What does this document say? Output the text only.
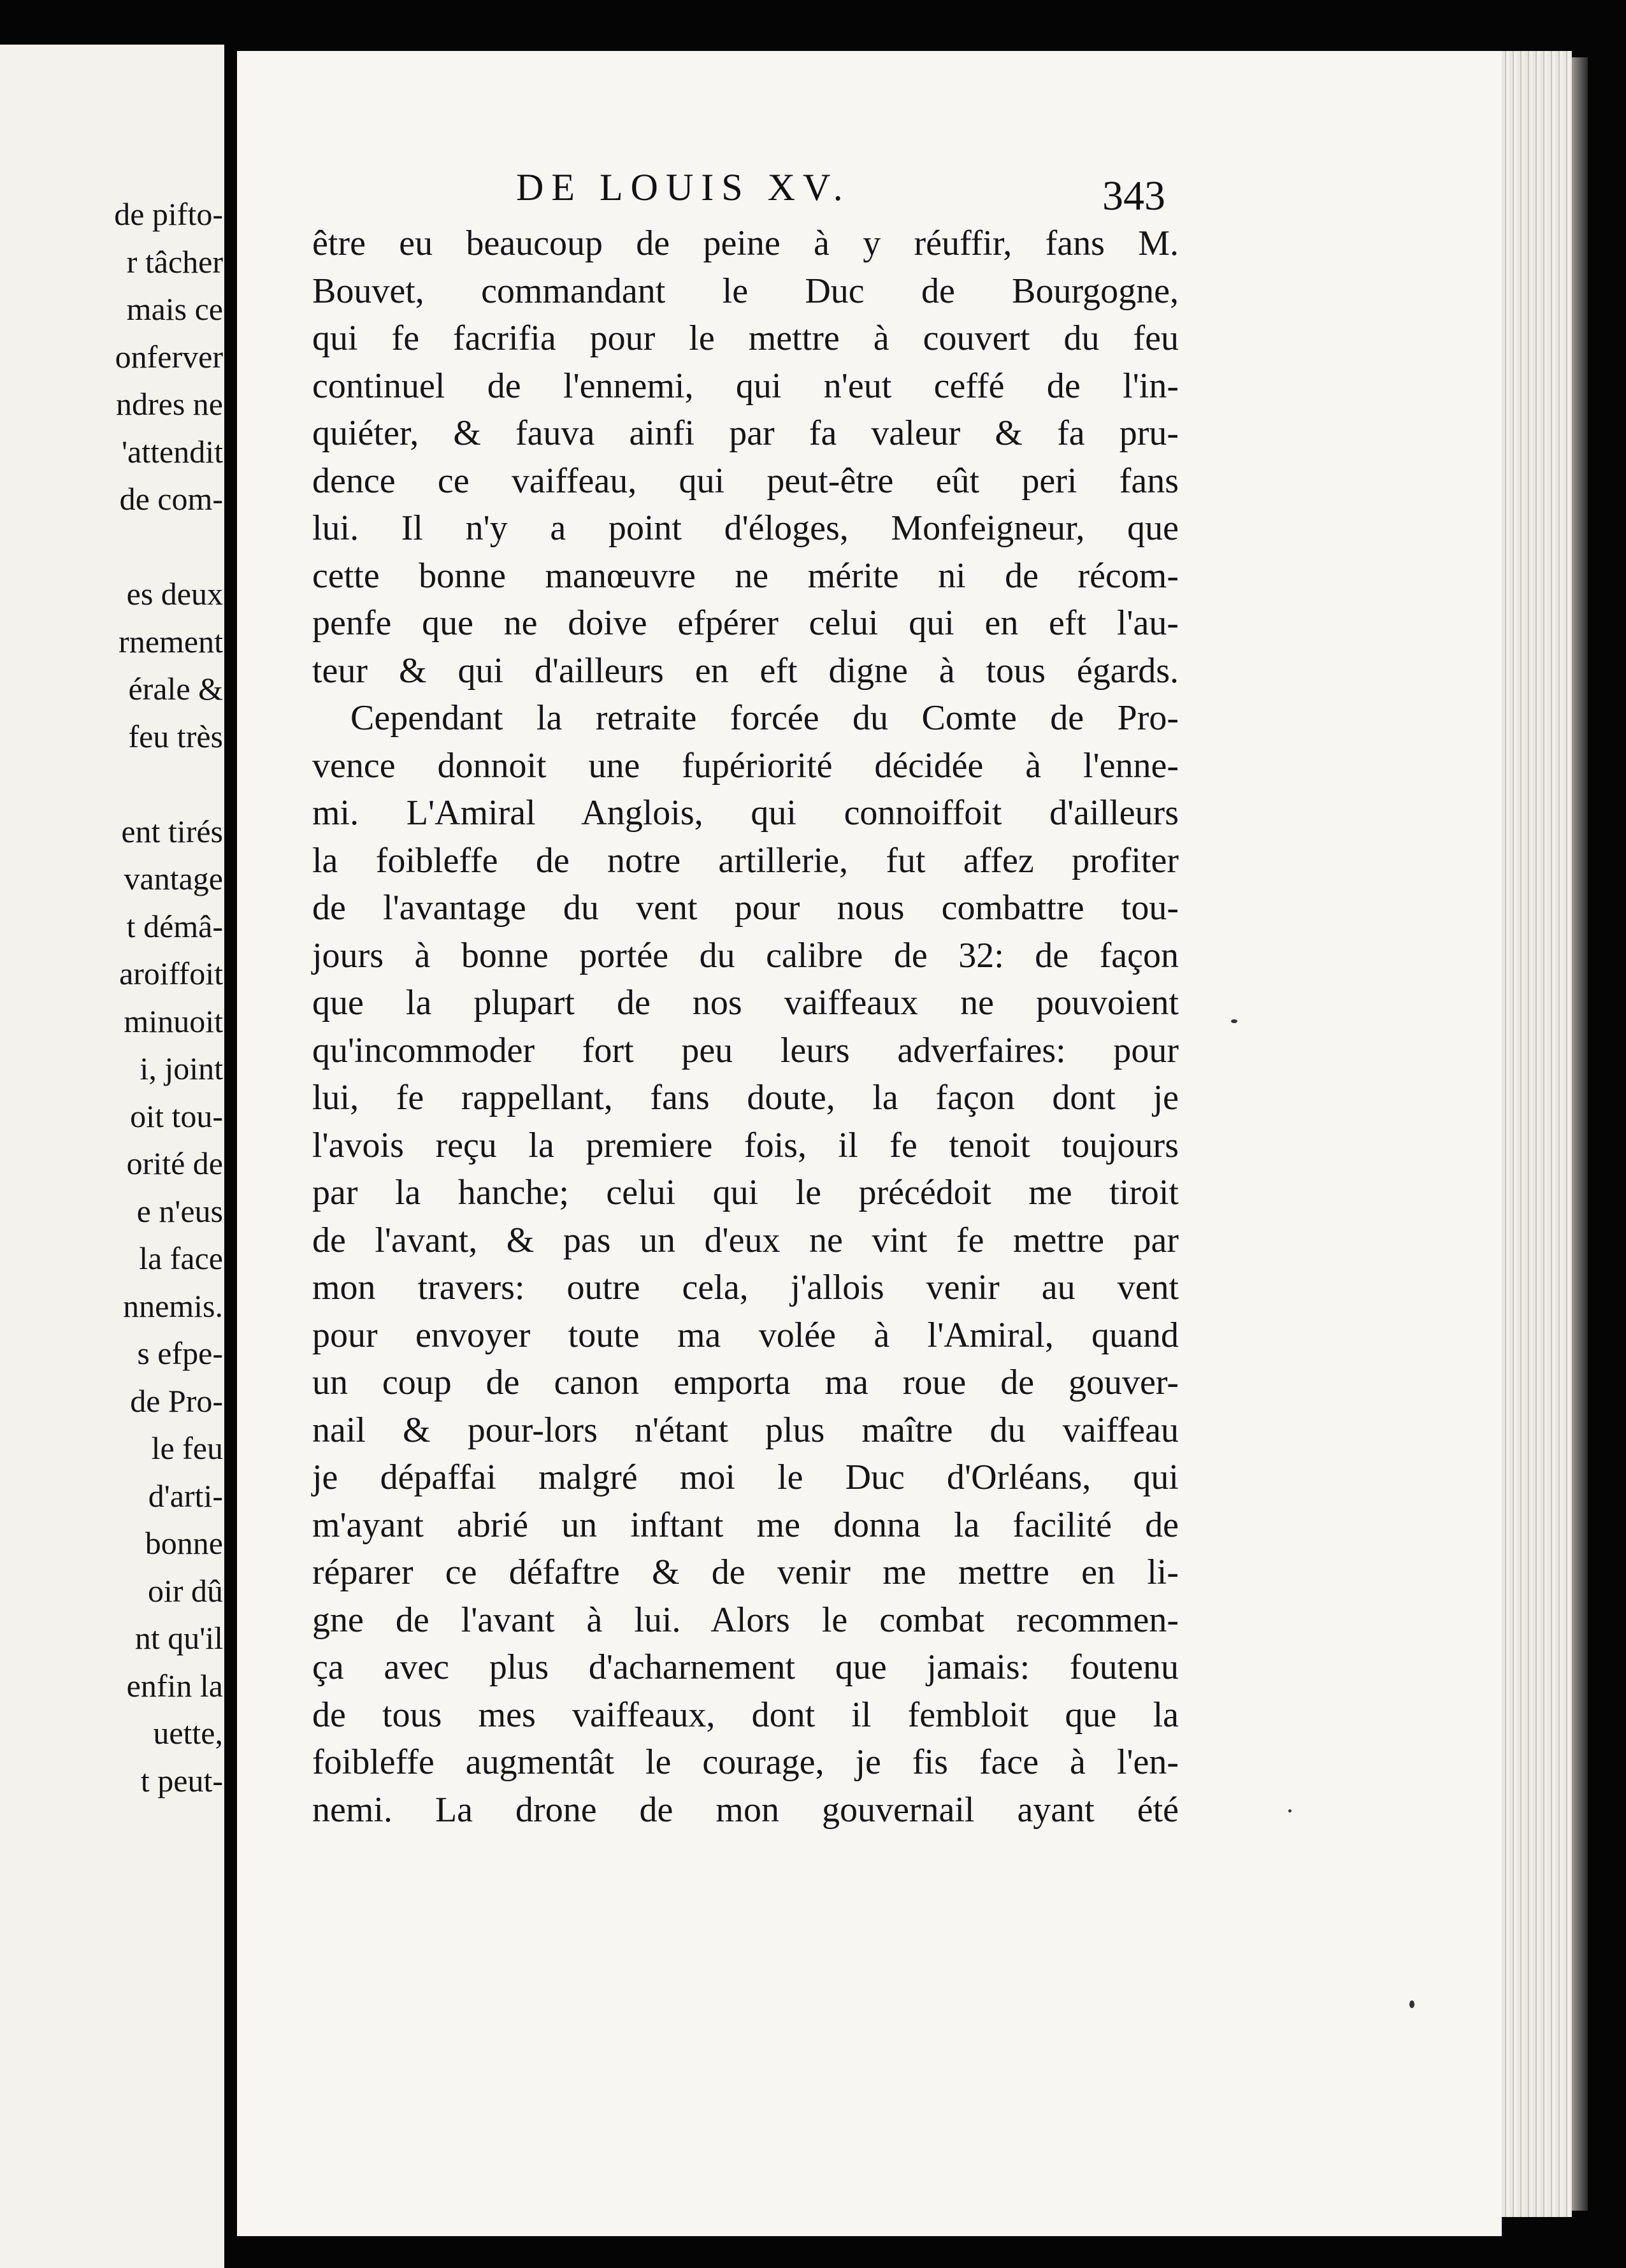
de pifto-
r tâcher
mais ce
onferver
ndres ne
'attendit
de com-
es deux
rnement
érale &
feu très
ent tirés
vantage
t démâ-
aroiffoit
minuoit
i, joint
oit tou-
orité de
e n'eus
la face
nnemis.
s efpe-
de Pro-
le feu
d'arti-
bonne
oir dû
nt qu'il
enfin la
uette,
t peut-
DE LOUIS XV.	343
être eu beaucoup de peine à y réuffir, fans M.
Bouvet, commandant le Duc de Bourgogne,
qui fe facrifia pour le mettre à couvert du feu
continuel de l'ennemi, qui n'eut ceffé de l'in-
quiéter, & fauva ainfi par fa valeur & fa pru-
dence ce vaiffeau, qui peut-être eût peri fans
lui. Il n'y a point d'éloges, Monfeigneur, que
cette bonne manœuvre ne mérite ni de récom-
penfe que ne doive efpérer celui qui en eft l'au-
teur & qui d'ailleurs en eft digne à tous égards.
Cependant la retraite forcée du Comte de Pro-
vence donnoit une fupériorité décidée à l'enne-
mi. L'Amiral Anglois, qui connoiffoit d'ailleurs
la foibleffe de notre artillerie, fut affez profiter
de l'avantage du vent pour nous combattre tou-
jours à bonne portée du calibre de 32: de façon
que la plupart de nos vaiffeaux ne pouvoient
qu'incommoder fort peu leurs adverfaires: pour
lui, fe rappellant, fans doute, la façon dont je
l'avois reçu la premiere fois, il fe tenoit toujours
par la hanche; celui qui le précédoit me tiroit
de l'avant, & pas un d'eux ne vint fe mettre par
mon travers: outre cela, j'allois venir au vent
pour envoyer toute ma volée à l'Amiral, quand
un coup de canon emporta ma roue de gouver-
nail & pour-lors n'étant plus maître du vaiffeau
je dépaffai malgré moi le Duc d'Orléans, qui
m'ayant abrié un inftant me donna la facilité de
réparer ce défaftre & de venir me mettre en li-
gne de l'avant à lui. Alors le combat recommen-
ça avec plus d'acharnement que jamais: foutenu
de tous mes vaiffeaux, dont il fembloit que la
foibleffe augmentât le courage, je fis face à l'en-
nemi. La drone de mon gouvernail ayant été
